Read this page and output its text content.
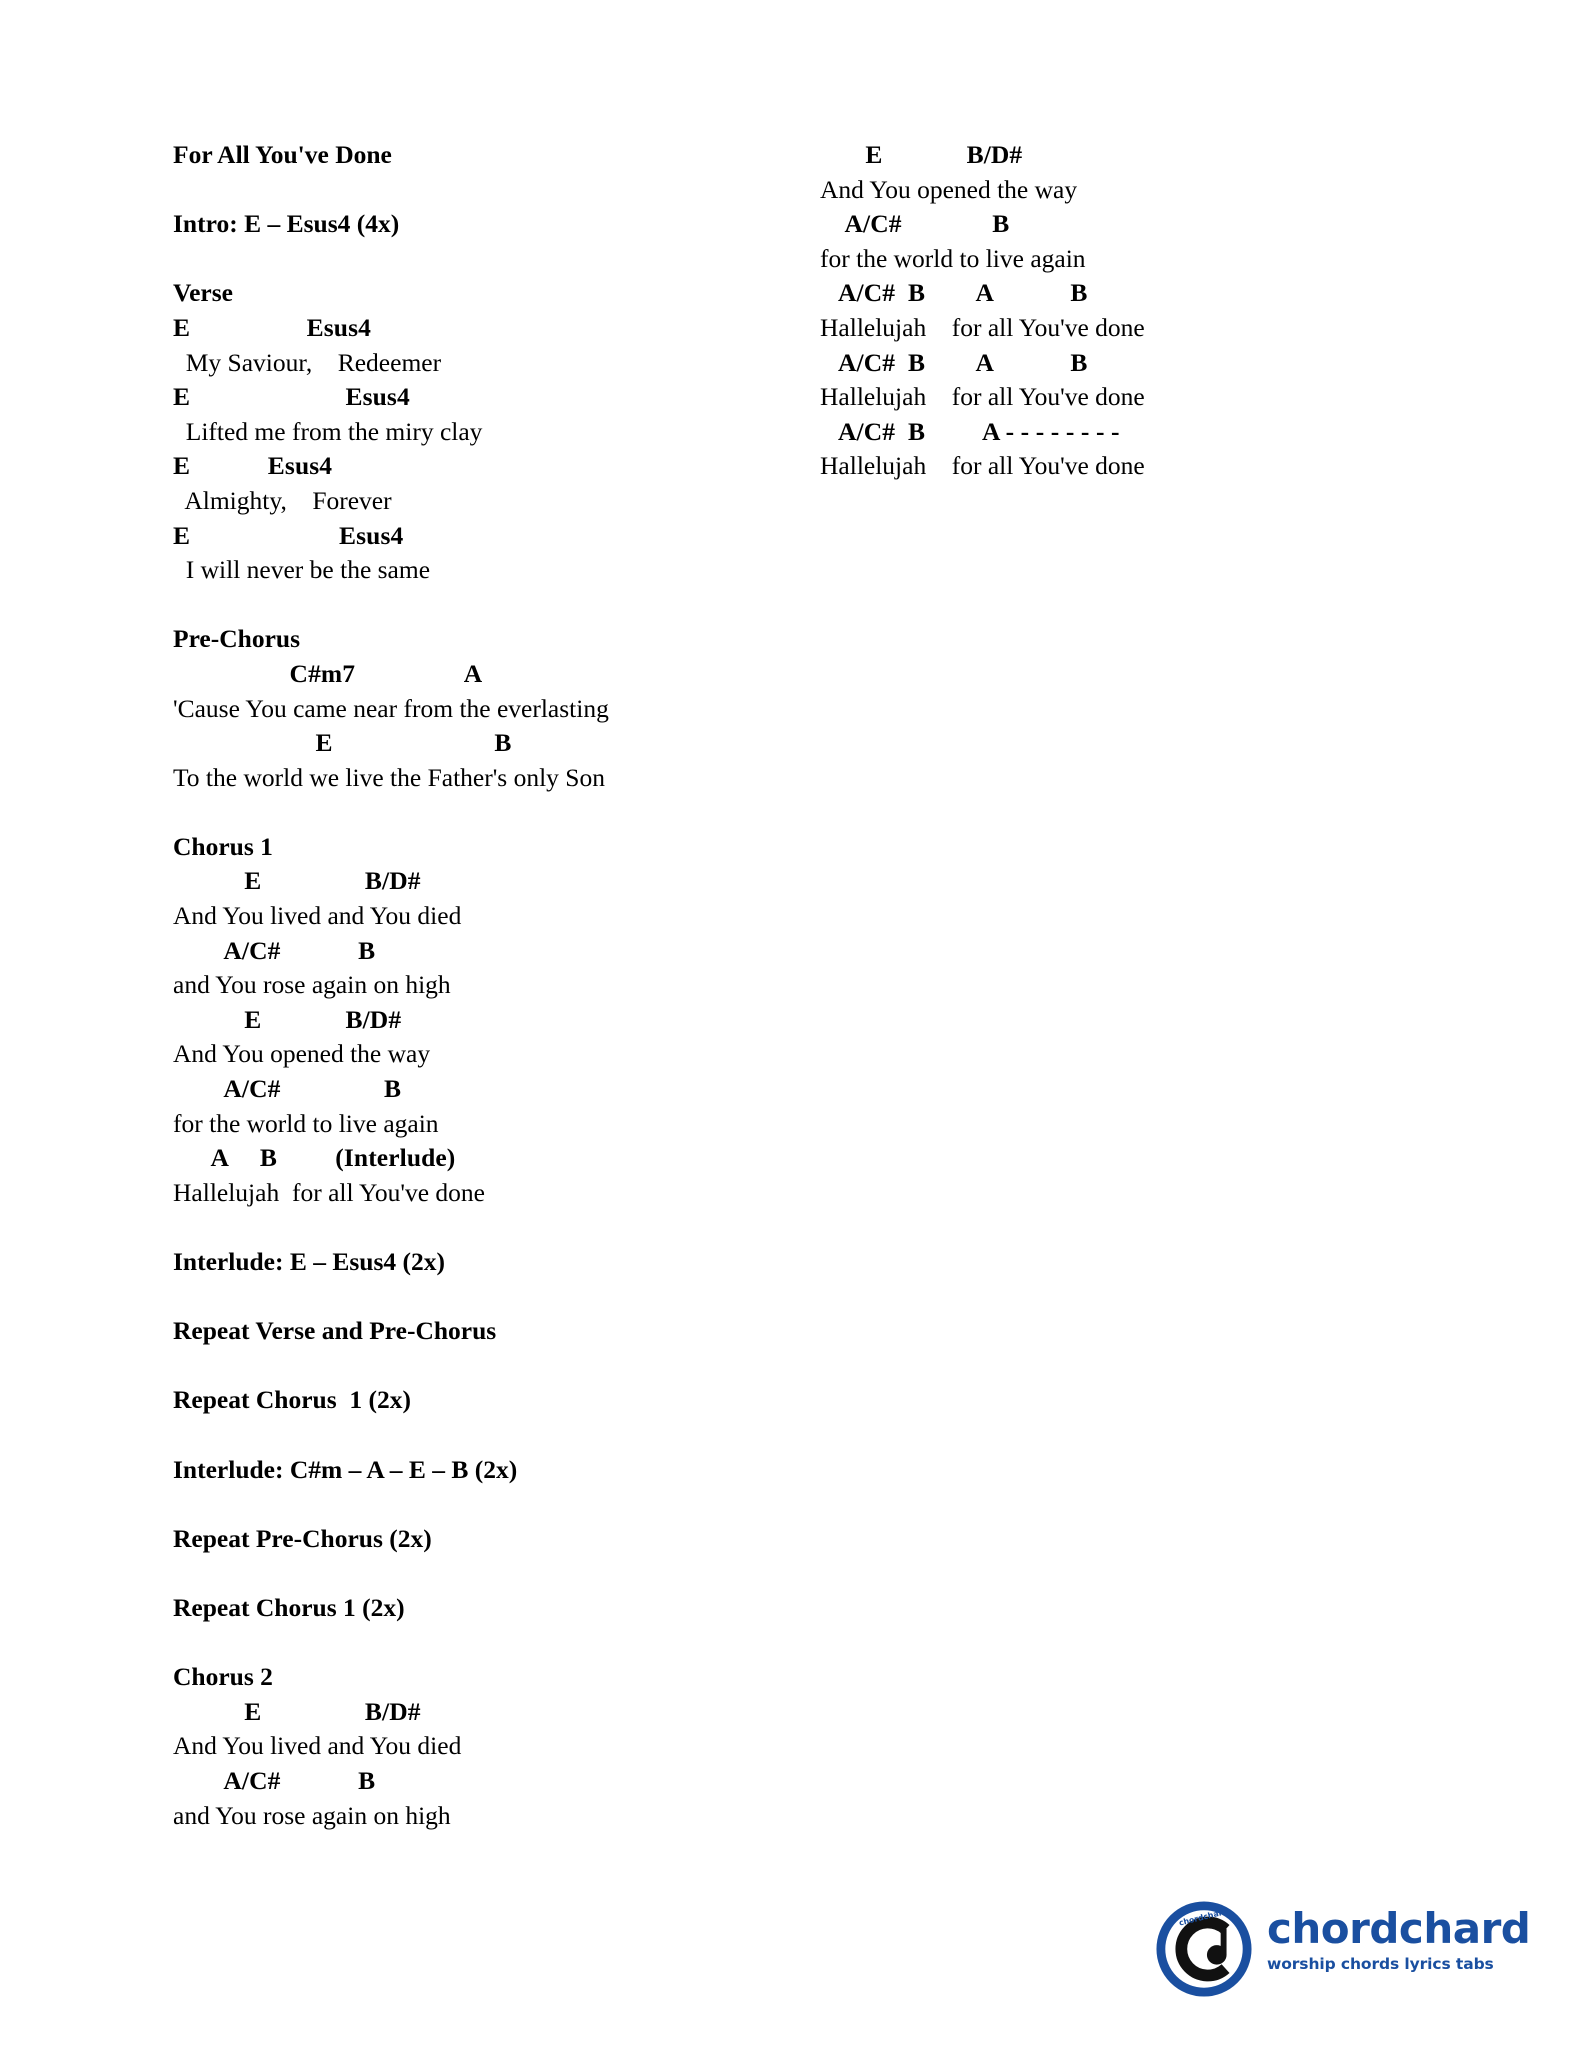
For All You've Done

Intro: E – Esus4 (4x)

Verse
E                  Esus4
My Saviour,    Redeemer
E                        Esus4
Lifted me from the miry clay
E            Esus4
Almighty,    Forever
E                       Esus4
I will never be the same

Pre-Chorus
C#m7                 A
'Cause You came near from the everlasting
E                         B
To the world we live the Father's only Son

Chorus 1
E                B/D#
And You lived and You died
A/C#            B
and You rose again on high
E             B/D#
And You opened the way
A/C#                B
for the world to live again
A     B         (Interlude)
Hallelujah  for all You've done

Interlude: E – Esus4 (2x)

Repeat Verse and Pre-Chorus

Repeat Chorus  1 (2x)

Interlude: C#m – A – E – B (2x)

Repeat Pre-Chorus (2x)

Repeat Chorus 1 (2x)

Chorus 2
E                B/D#
And You lived and You died
A/C#            B
and You rose again on high
E             B/D#
And You opened the way
A/C#              B
for the world to live again
A/C#  B        A            B
Hallelujah    for all You've done
A/C#  B        A            B
Hallelujah    for all You've done
A/C#  B         A - - - - - - - -
Hallelujah    for all You've done
chordchard chordchard
worship chords lyrics tabs
